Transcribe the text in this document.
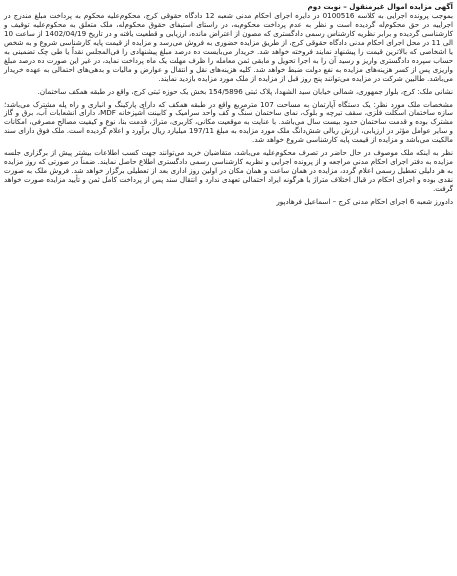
آگهی مزایده اموال غیرمنقول – نوبت دوم
بموجب پرونده اجرایی به کلاسه 0100516 در دایره اجرای احکام مدنی شعبه 12 دادگاه حقوقی کرج، محکوم‌علیه محکوم به پرداخت مبلغ مندرج در اجراییه در حق محکوم‌له گردیده است و نظر به عدم پرداخت محکوم‌به، در راستای استیفای حقوق محکوم‌له، ملک متعلق به محکوم‌علیه توقیف و کارشناسی گردیده و برابر نظریه کارشناس رسمی دادگستری که مصون از اعتراض مانده، ارزیابی و قطعیت یافته و در تاریخ 1402/04/19 از ساعت 10 الی 11 در محل اجرای احکام مدنی دادگاه حقوقی کرج، از طریق مزایده حضوری به فروش می‌رسد و مزایده از قیمت پایه کارشناسی شروع و به شخص یا اشخاصی که بالاترین قیمت را پیشنهاد نمایند فروخته خواهد شد. خریدار می‌بایست ده درصد مبلغ پیشنهادی را فی‌المجلس نقداً یا طی چک تضمینی به حساب سپرده دادگستری واریز و رسید آن را به اجرا تحویل و مابقی ثمن معامله را ظرف مهلت یک ماه پرداخت نماید، در غیر این صورت ده درصد مبلغ واریزی پس از کسر هزینه‌های مزایده به نفع دولت ضبط خواهد شد. کلیه هزینه‌های نقل و انتقال و عوارض و مالیات و بدهی‌های احتمالی به عهده خریدار می‌باشد. طالبین شرکت در مزایده می‌توانند پنج روز قبل از مزایده از ملک مورد مزایده بازدید نمایند.
نشانی ملک: کرج، بلوار جمهوری، شمالی خیابان سید الشهدا، پلاک ثبتی 154/5896 بخش یک حوزه ثبتی کرج، واقع در طبقه همکف ساختمان.
مشخصات ملک مورد نظر: یک دستگاه آپارتمان به مساحت 107 مترمربع واقع در طبقه همکف که دارای پارکینگ و انباری و راه پله مشترک می‌باشد؛ سازه ساختمان اسکلت فلزی، سقف تیرچه و بلوک، نمای ساختمان سنگ و کف واحد سرامیک و کابینت آشپزخانه MDF، دارای انشعابات آب، برق و گاز مشترک بوده و قدمت ساختمان حدود بیست سال می‌باشد. با عنایت به موقعیت مکانی، کاربری، متراژ، قدمت بنا، نوع و کیفیت مصالح مصرفی، امکانات و سایر عوامل مؤثر در ارزیابی، ارزش ریالی شش‌دانگ ملک مورد مزایده به مبلغ 197/11 میلیارد ریال برآورد و اعلام گردیده است. ملک فوق دارای سند مالکیت می‌باشد و مزایده از قیمت پایه کارشناسی شروع خواهد شد.
نظر به اینکه ملک موصوف در حال حاضر در تصرف محکوم‌علیه می‌باشد، متقاضیان خرید می‌توانند جهت کسب اطلاعات بیشتر پیش از برگزاری جلسه مزایده به دفتر اجرای احکام مدنی مراجعه و از پرونده اجرایی و نظریه کارشناسی رسمی دادگستری اطلاع حاصل نمایند. ضمناً در صورتی که روز مزایده به هر دلیلی تعطیل رسمی اعلام گردد، مزایده در همان ساعت و همان مکان در اولین روز اداری بعد از تعطیلی برگزار خواهد شد. فروش ملک به صورت نقدی بوده و اجرای احکام در قبال اختلاف متراژ یا هرگونه ایراد احتمالی تعهدی ندارد و انتقال سند پس از پرداخت کامل ثمن و تأیید مزایده صورت خواهد گرفت.
دادورز شعبه 6 اجرای احکام مدنی کرج – اسماعیل فرهادپور
